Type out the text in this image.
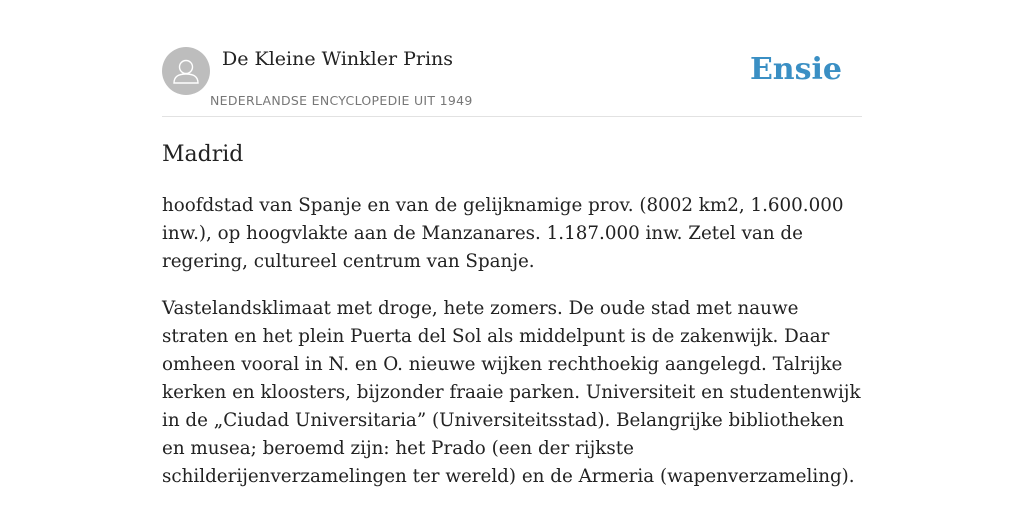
De Kleine Winkler Prins
NEDERLANDSE ENCYCLOPEDIE UIT 1949
Ensie
Madrid

hoofdstad van Spanje en van de gelijknamige prov. (8002 km2, 1.600.000 inw.), op hoogvlakte aan de Manzanares. 1.187.000 inw. Zetel van de regering, cultureel centrum van Spanje.

Vastelandsklimaat met droge, hete zomers. De oude stad met nauwe straten en het plein Puerta del Sol als middelpunt is de zakenwijk. Daar omheen vooral in N. en O. nieuwe wijken rechthoekig aangelegd. Talrijke kerken en kloosters, bijzonder fraaie parken. Universiteit en studentenwijk in de „Ciudad Universitaria” (Universiteitsstad). Belangrijke bibliotheken en musea; beroemd zijn: het Prado (een der rijkste schilderijenverzamelingen ter wereld) en de Armeria (wapenverzameling).
